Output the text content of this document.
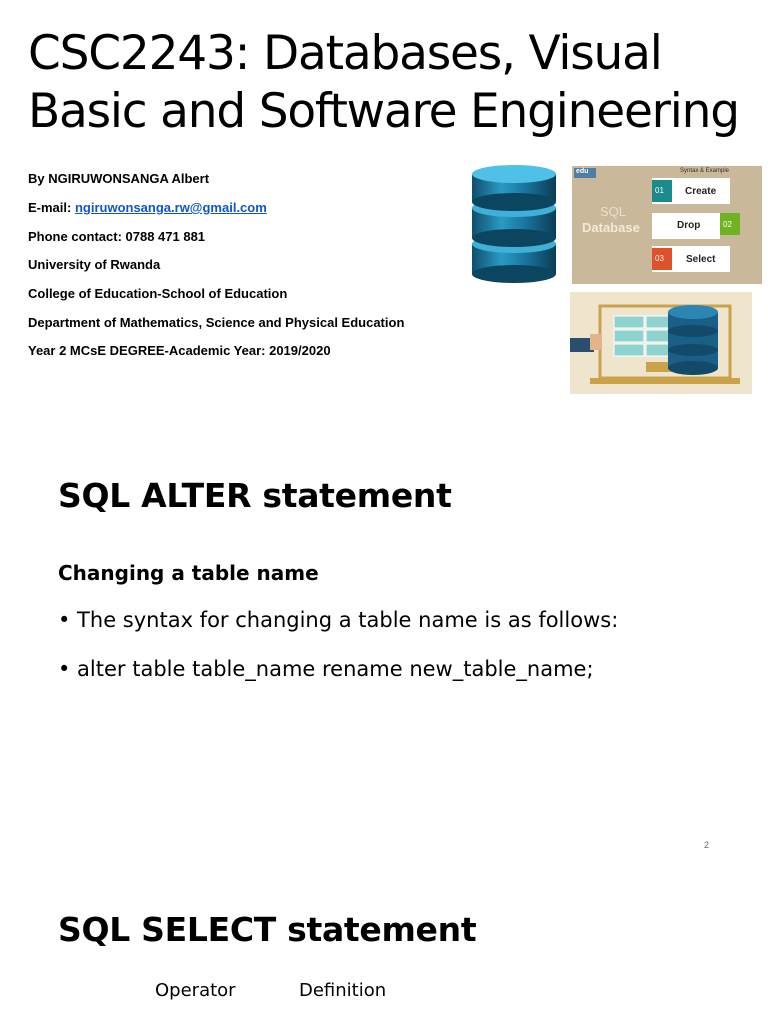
CSC2243: Databases, Visual
Basic and Software Engineering
By NGIRUWONSANGA Albert
E-mail: ngiruwonsanga.rw@gmail.com
Phone contact: 0788 471 881
University of Rwanda
College of Education-School of Education
Department of Mathematics, Science and Physical Education
Year 2 MCsE DEGREE-Academic Year: 2019/2020
edu	Syntax & Example
SQL
Database
01 Create
02
Drop
03 Select
SQL ALTER statement
Changing a table name
• The syntax for changing a table name is as follows:
• alter table table_name rename new_table_name;
2
SQL SELECT statement
Operator	Definition
